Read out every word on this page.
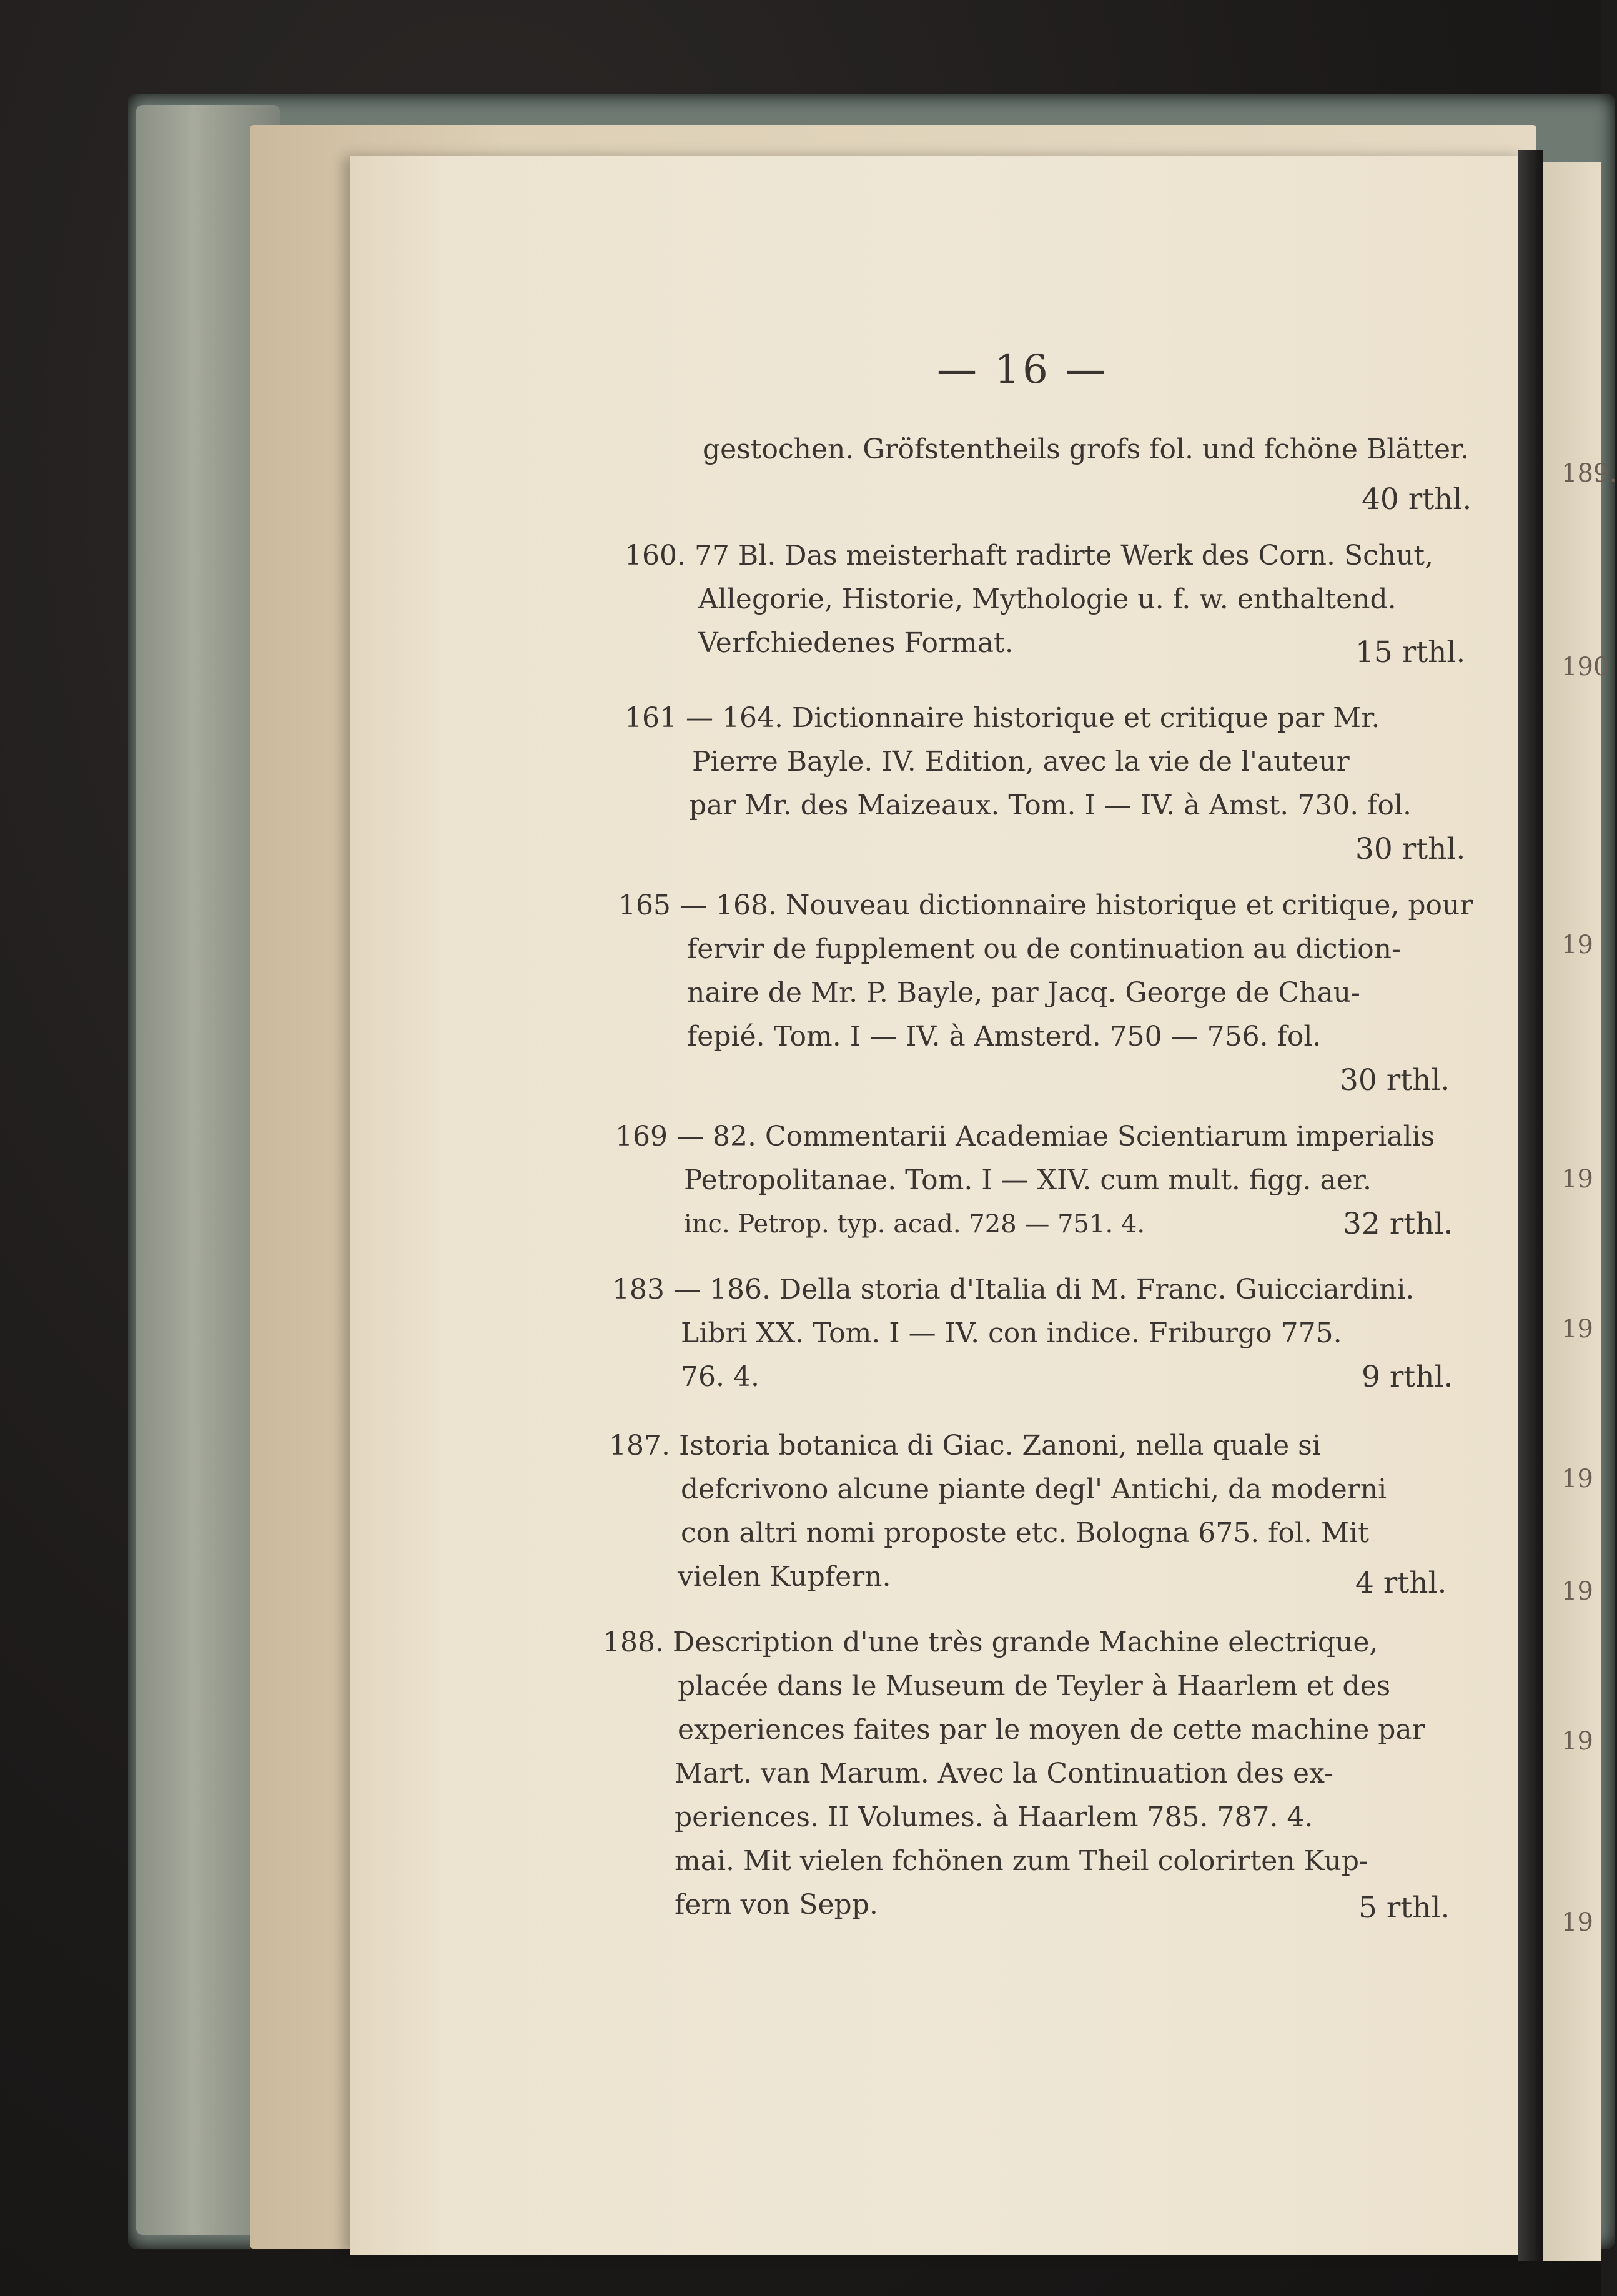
189.
190
19
19
19
19
19
19
19
— 16 —
gestochen. Gröfstentheils grofs fol. und fchöne Blätter.
40 rthl.
160. 77 Bl. Das meisterhaft radirte Werk des Corn. Schut,
Allegorie, Historie, Mythologie u. f. w. enthaltend.
Verfchiedenes Format.	15 rthl.
161 — 164. Dictionnaire historique et critique par Mr.
Pierre Bayle. IV. Edition, avec la vie de l'auteur
par Mr. des Maizeaux. Tom. I — IV. à Amst. 730. fol.
30 rthl.
165 — 168. Nouveau dictionnaire historique et critique, pour
fervir de fupplement ou de continuation au diction-
naire de Mr. P. Bayle, par Jacq. George de Chau-
fepié. Tom. I — IV. à Amsterd. 750 — 756. fol.
30 rthl.
169 — 82. Commentarii Academiae Scientiarum imperialis
Petropolitanae. Tom. I — XIV. cum mult. figg. aer.
inc. Petrop. typ. acad. 728 — 751. 4.	32 rthl.
183 — 186. Della storia d'Italia di M. Franc. Guicciardini.
Libri XX. Tom. I — IV. con indice. Friburgo 775.
76. 4.	9 rthl.
187. Istoria botanica di Giac. Zanoni, nella quale si
defcrivono alcune piante degl' Antichi, da moderni
con altri nomi proposte etc. Bologna 675. fol. Mit
vielen Kupfern.	4 rthl.
188. Description d'une très grande Machine electrique,
placée dans le Museum de Teyler à Haarlem et des
experiences faites par le moyen de cette machine par
Mart. van Marum. Avec la Continuation des ex-
periences. II Volumes. à Haarlem 785. 787. 4.
mai. Mit vielen fchönen zum Theil colorirten Kup-
fern von Sepp.	5 rthl.
